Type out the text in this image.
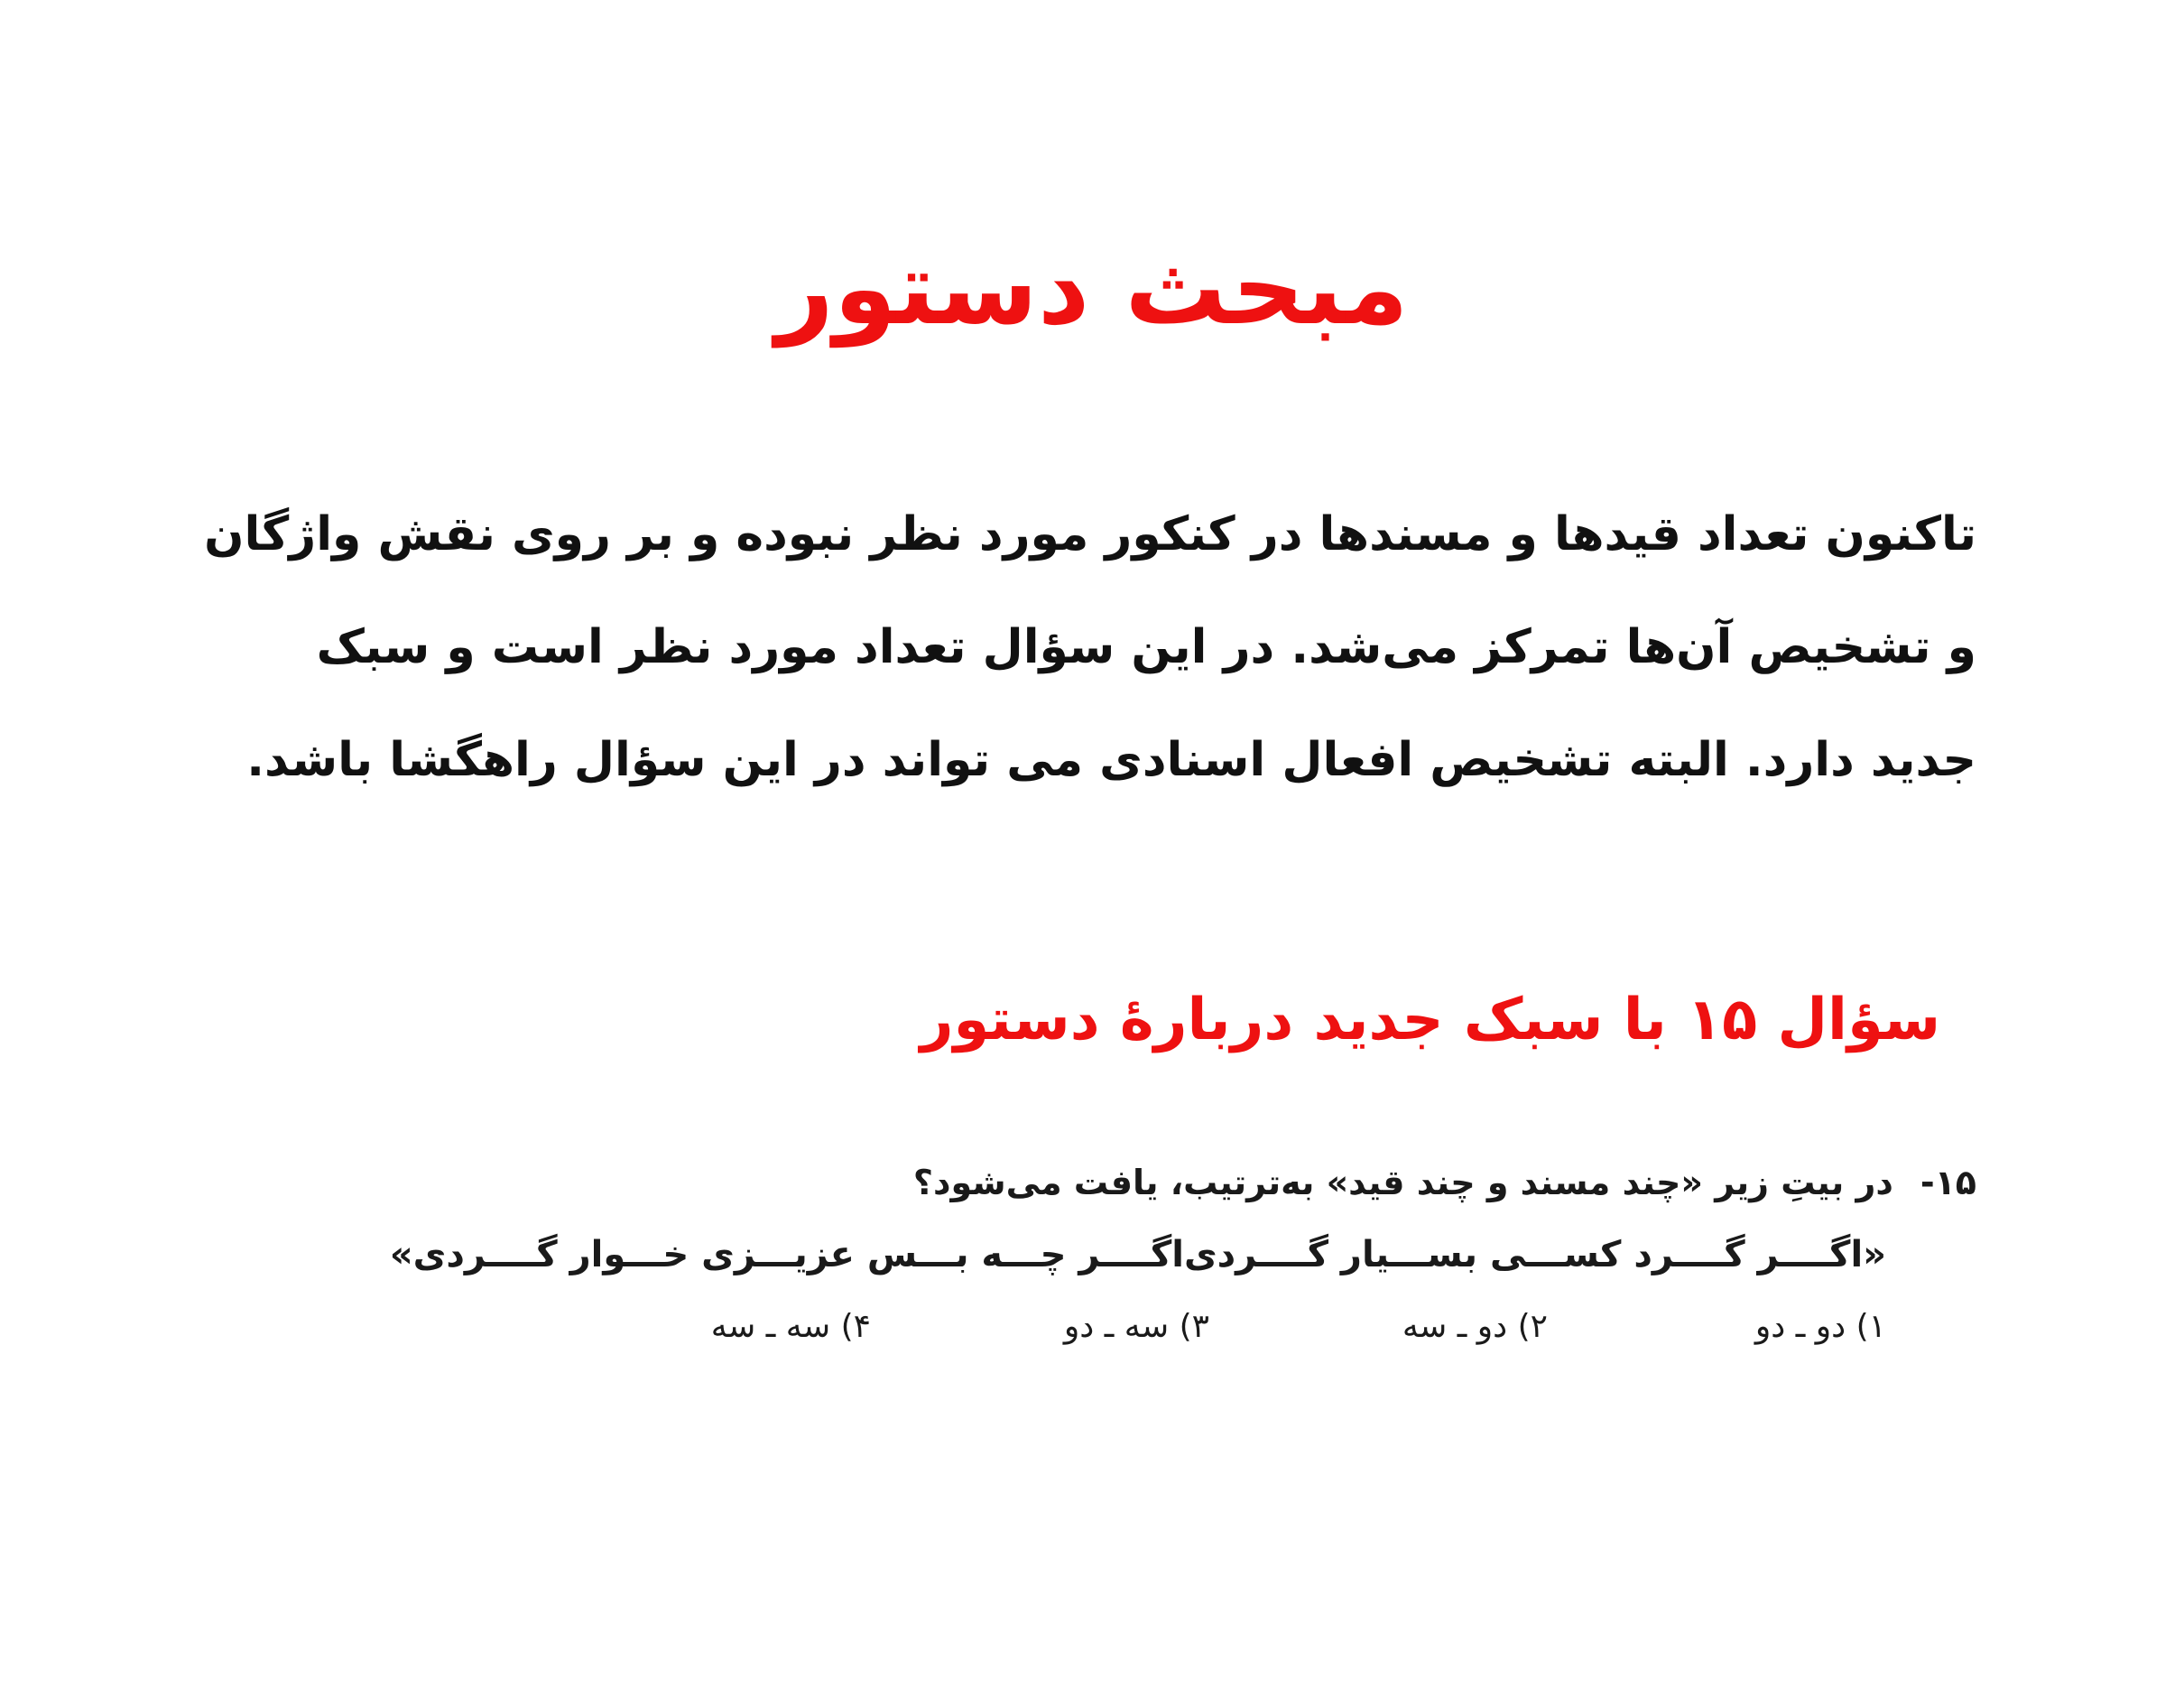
مبحث دستور
تاکنون تعداد قیدها و مسندها در کنکور مورد نظر نبوده و بر روی نقش واژگان
و تشخیص آن‌ها تمرکز می‌شد. در این سؤال تعداد مورد نظر است و سبک
جدید دارد. البته تشخیص افعال اسنادی می تواند در این سؤال راهگشا باشد.
سؤال ۱۵ با سبک جدید دربارهٔ دستور
۱۵-
در بیتِ زیر «چند مسند و چند قید» به‌ترتیب، یافت می‌شود؟
«اگــــر گــــرد کســـی بســـیار گــــردی
اگــــر چـــه بـــس عزیـــزی خـــوار گــــردی»
۱) دو ـ دو
۲) دو ـ سه
۳) سه ـ دو
۴) سه ـ سه
